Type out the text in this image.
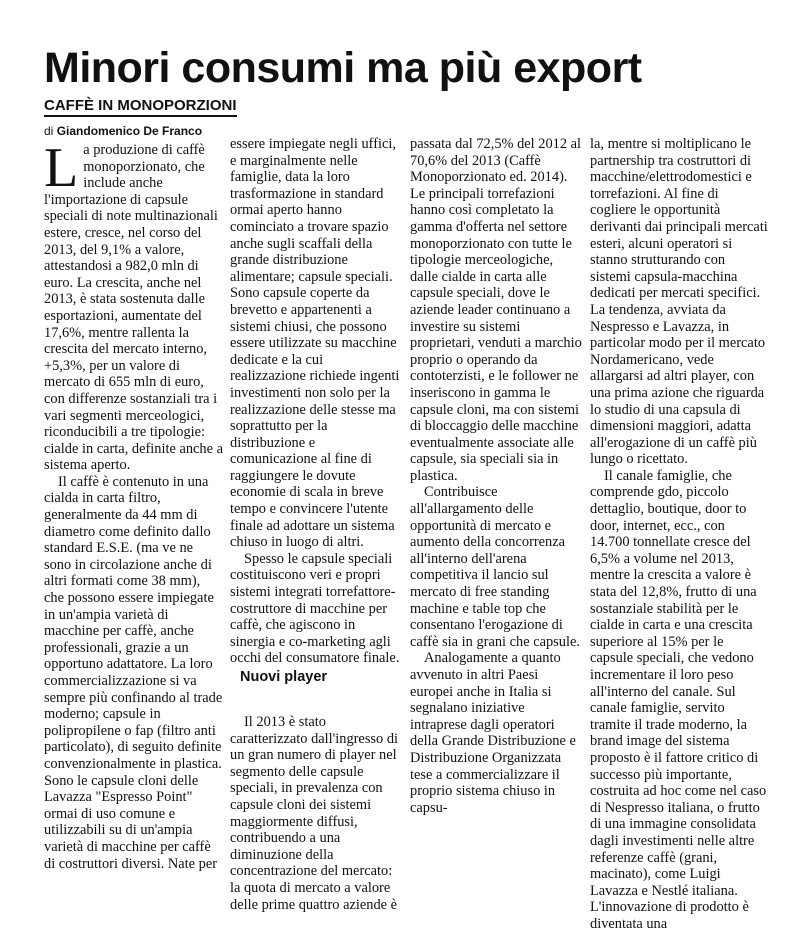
Minori consumi ma più export
CAFFÈ IN MONOPORZIONI
di Giandomenico De Franco
L a produzione di caffè monoporzionato, che include anche l'importazione di capsule speciali di note multinazionali estere, cresce, nel corso del 2013, del 9,1% a valore, attestandosi a 982,0 mln di euro. La crescita, anche nel 2013, è stata sostenuta dalle esportazioni, aumentate del 17,6%, mentre rallenta la crescita del mercato interno, +5,3%, per un valore di mercato di 655 mln di euro, con differenze sostanziali tra i vari segmenti merceologici, riconducibili a tre tipologie: cialde in carta, definite anche a sistema aperto.

Il caffè è contenuto in una cialda in carta filtro, generalmente da 44 mm di diametro come definito dallo standard E.S.E. (ma ve ne sono in circolazione anche di altri formati come 38 mm), che possono essere impiegate in un'ampia varietà di macchine per caffè, anche professionali, grazie a un opportuno adattatore. La loro commercializzazione si va sempre più confinando al trade moderno; capsule in polipropilene o fap (filtro anti particolato), di seguito definite convenzionalmente in plastica. Sono le capsule cloni delle Lavazza "Espresso Point" ormai di uso comune e utilizzabili su di un'ampia varietà di macchine per caffè di costruttori diversi. Nate per

essere impiegate negli uffici, e marginalmente nelle famiglie, data la loro trasformazione in standard ormai aperto hanno cominciato a trovare spazio anche sugli scaffali della grande distribuzione alimentare; capsule speciali. Sono capsule coperte da brevetto e appartenenti a sistemi chiusi, che possono essere utilizzate su macchine dedicate e la cui realizzazione richiede ingenti investimenti non solo per la realizzazione delle stesse ma soprattutto per la distribuzione e comunicazione al fine di raggiungere le dovute economie di scala in breve tempo e convincere l'utente finale ad adottare un sistema chiuso in luogo di altri.

Spesso le capsule speciali costituiscono veri e propri sistemi integrati torrefattore-costruttore di macchine per caffè, che agiscono in sinergia e co-marketing agli occhi del consumatore finale.

Nuovi player

Il 2013 è stato caratterizzato dall'ingresso di un gran numero di player nel segmento delle capsule speciali, in prevalenza con capsule cloni dei sistemi maggiormente diffusi, contribuendo a una diminuzione della concentrazione del mercato: la quota di mercato a valore delle prime quattro aziende è

passata dal 72,5% del 2012 al 70,6% del 2013 (Caffè Monoporzionato ed. 2014). Le principali torrefazioni hanno così completato la gamma d'offerta nel settore monoporzionato con tutte le tipologie merceologiche, dalle cialde in carta alle capsule speciali, dove le aziende leader continuano a investire su sistemi proprietari, venduti a marchio proprio o operando da contoterzisti, e le follower ne inseriscono in gamma le capsule cloni, ma con sistemi di bloccaggio delle macchine eventualmente associate alle capsule, sia speciali sia in plastica.

Contribuisce all'allargamento delle opportunità di mercato e aumento della concorrenza all'interno dell'arena competitiva il lancio sul mercato di free standing machine e table top che consentano l'erogazione di caffè sia in grani che capsule.

Analogamente a quanto avvenuto in altri Paesi europei anche in Italia si segnalano iniziative intraprese dagli operatori della Grande Distribuzione e Distribuzione Organizzata tese a commercializzare il proprio sistema chiuso in capsu-

la, mentre si moltiplicano le partnership tra costruttori di macchine/elettrodomestici e torrefazioni. Al fine di cogliere le opportunità derivanti dai principali mercati esteri, alcuni operatori si stanno strutturando con sistemi capsula-macchina dedicati per mercati specifici. La tendenza, avviata da Nespresso e Lavazza, in particolar modo per il mercato Nordamericano, vede allargarsi ad altri player, con una prima azione che riguarda lo studio di una capsula di dimensioni maggiori, adatta all'erogazione di un caffè più lungo o ricettato.

Il canale famiglie, che comprende gdo, piccolo dettaglio, boutique, door to door, internet, ecc., con 14.700 tonnellate cresce del 6,5% a volume nel 2013, mentre la crescita a valore è stata del 12,8%, frutto di una sostanziale stabilità per le cialde in carta e una crescita superiore al 15% per le capsule speciali, che vedono incrementare il loro peso all'interno del canale. Sul canale famiglie, servito tramite il trade moderno, la brand image del sistema proposto è il fattore critico di successo più importante, costruita ad hoc come nel caso di Nespresso italiana, o frutto di una immagine consolidata dagli investimenti nelle altre referenze caffè (grani, macinato), come Luigi Lavazza e Nestlé italiana. L'innovazione di prodotto è diventata una
